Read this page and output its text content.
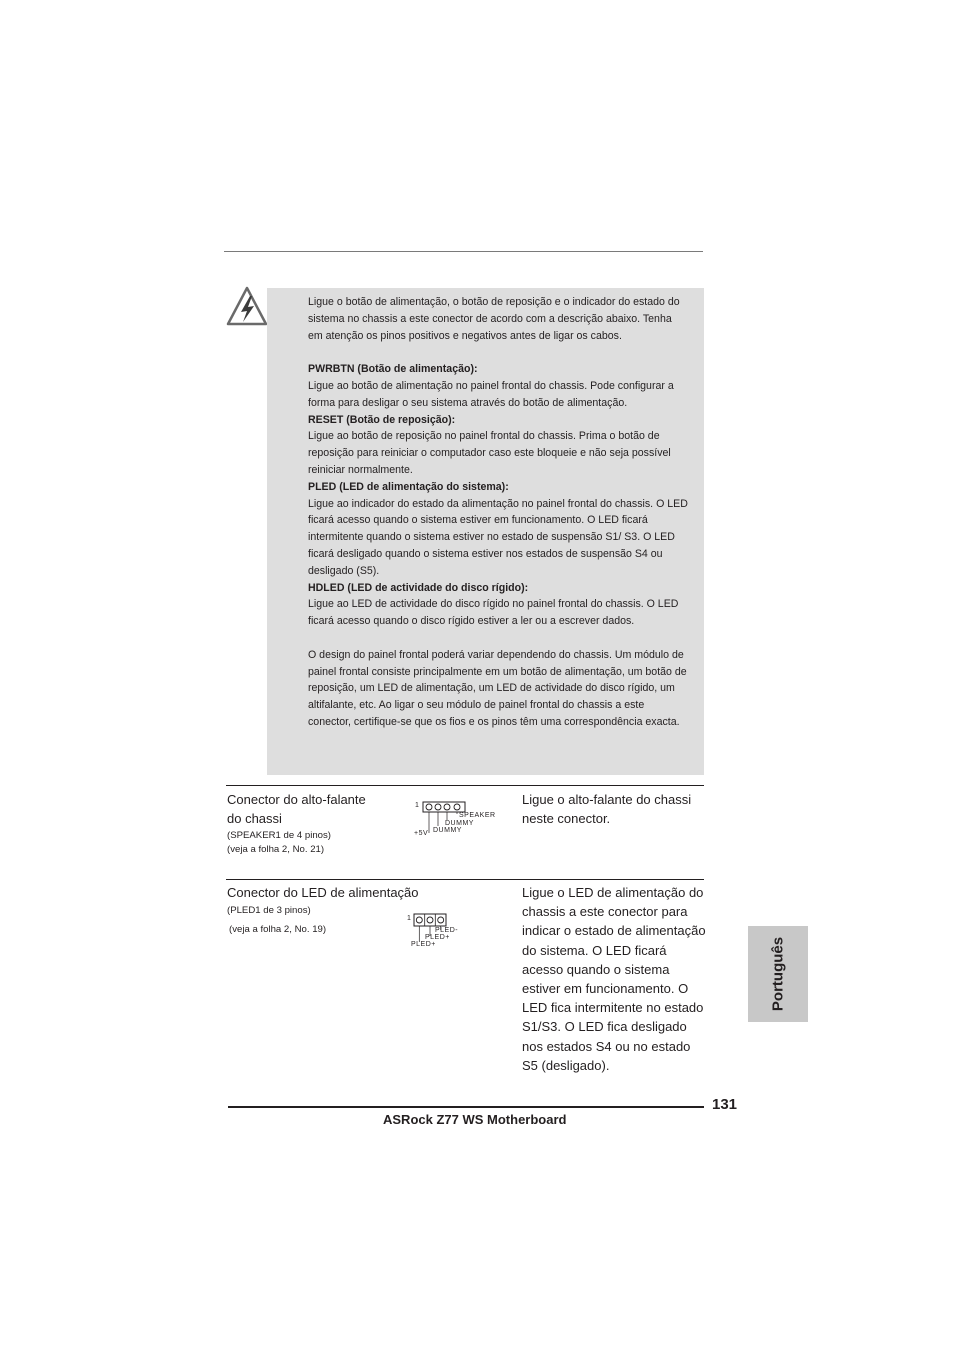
Ligue o botão de alimentação, o botão de reposição e o indicador do estado do sistema no chassis a este conector de acordo com a descrição abaixo. Tenha em atenção os pinos positivos e negativos antes de ligar os cabos.

PWRBTN (Botão de alimentação):

Ligue ao botão de alimentação no painel frontal do chassis. Pode configurar a forma para desligar o seu sistema através do botão de alimentação.

RESET (Botão de reposição):

Ligue ao botão de reposição no painel frontal do chassis. Prima o botão de reposição para reiniciar o computador caso este bloqueie e não seja possível reiniciar normalmente.

PLED (LED de alimentação do sistema):

Ligue ao indicador do estado da alimentação no painel frontal do chassis. O LED ficará acesso quando o sistema estiver em funcionamento. O LED ficará intermitente quando o sistema estiver no estado de suspensão S1/ S3. O LED ficará desligado quando o sistema estiver nos estados de suspensão S4 ou desligado (S5).

HDLED (LED de actividade do disco rígido):

Ligue ao LED de actividade do disco rígido no painel frontal do chassis. O LED ficará acesso quando o disco rígido estiver a ler ou a escrever dados.

O design do painel frontal poderá variar dependendo do chassis. Um módulo de painel frontal consiste principalmente em um botão de alimentação, um botão de reposição, um LED de alimentação, um LED de actividade do disco rígido, um altifalante, etc. Ao ligar o seu módulo de painel frontal do chassis a este conector, certifique-se que os fios e os pinos têm uma correspondência exacta.

Conector do alto-falante
do chassi
(SPEAKER1 de 4 pinos)
(veja a folha 2, No. 21)
1
SPEAKER
DUMMY
DUMMY
+5V
Ligue o alto-falante do chassi
neste conector.
Conector do LED de alimentação
(PLED1 de 3 pinos)
(veja a folha 2, No. 19)
1
PLED-
PLED+
PLED+
Ligue o LED de alimentação do
chassis a este conector para
indicar o estado de alimentação
do sistema. O LED ficará
acesso quando o sistema
estiver em funcionamento. O
LED fica intermitente no estado
S1/S3. O LED fica desligado
nos estados S4 ou no estado
S5 (desligado).
Português
131
ASRock Z77 WS Motherboard
